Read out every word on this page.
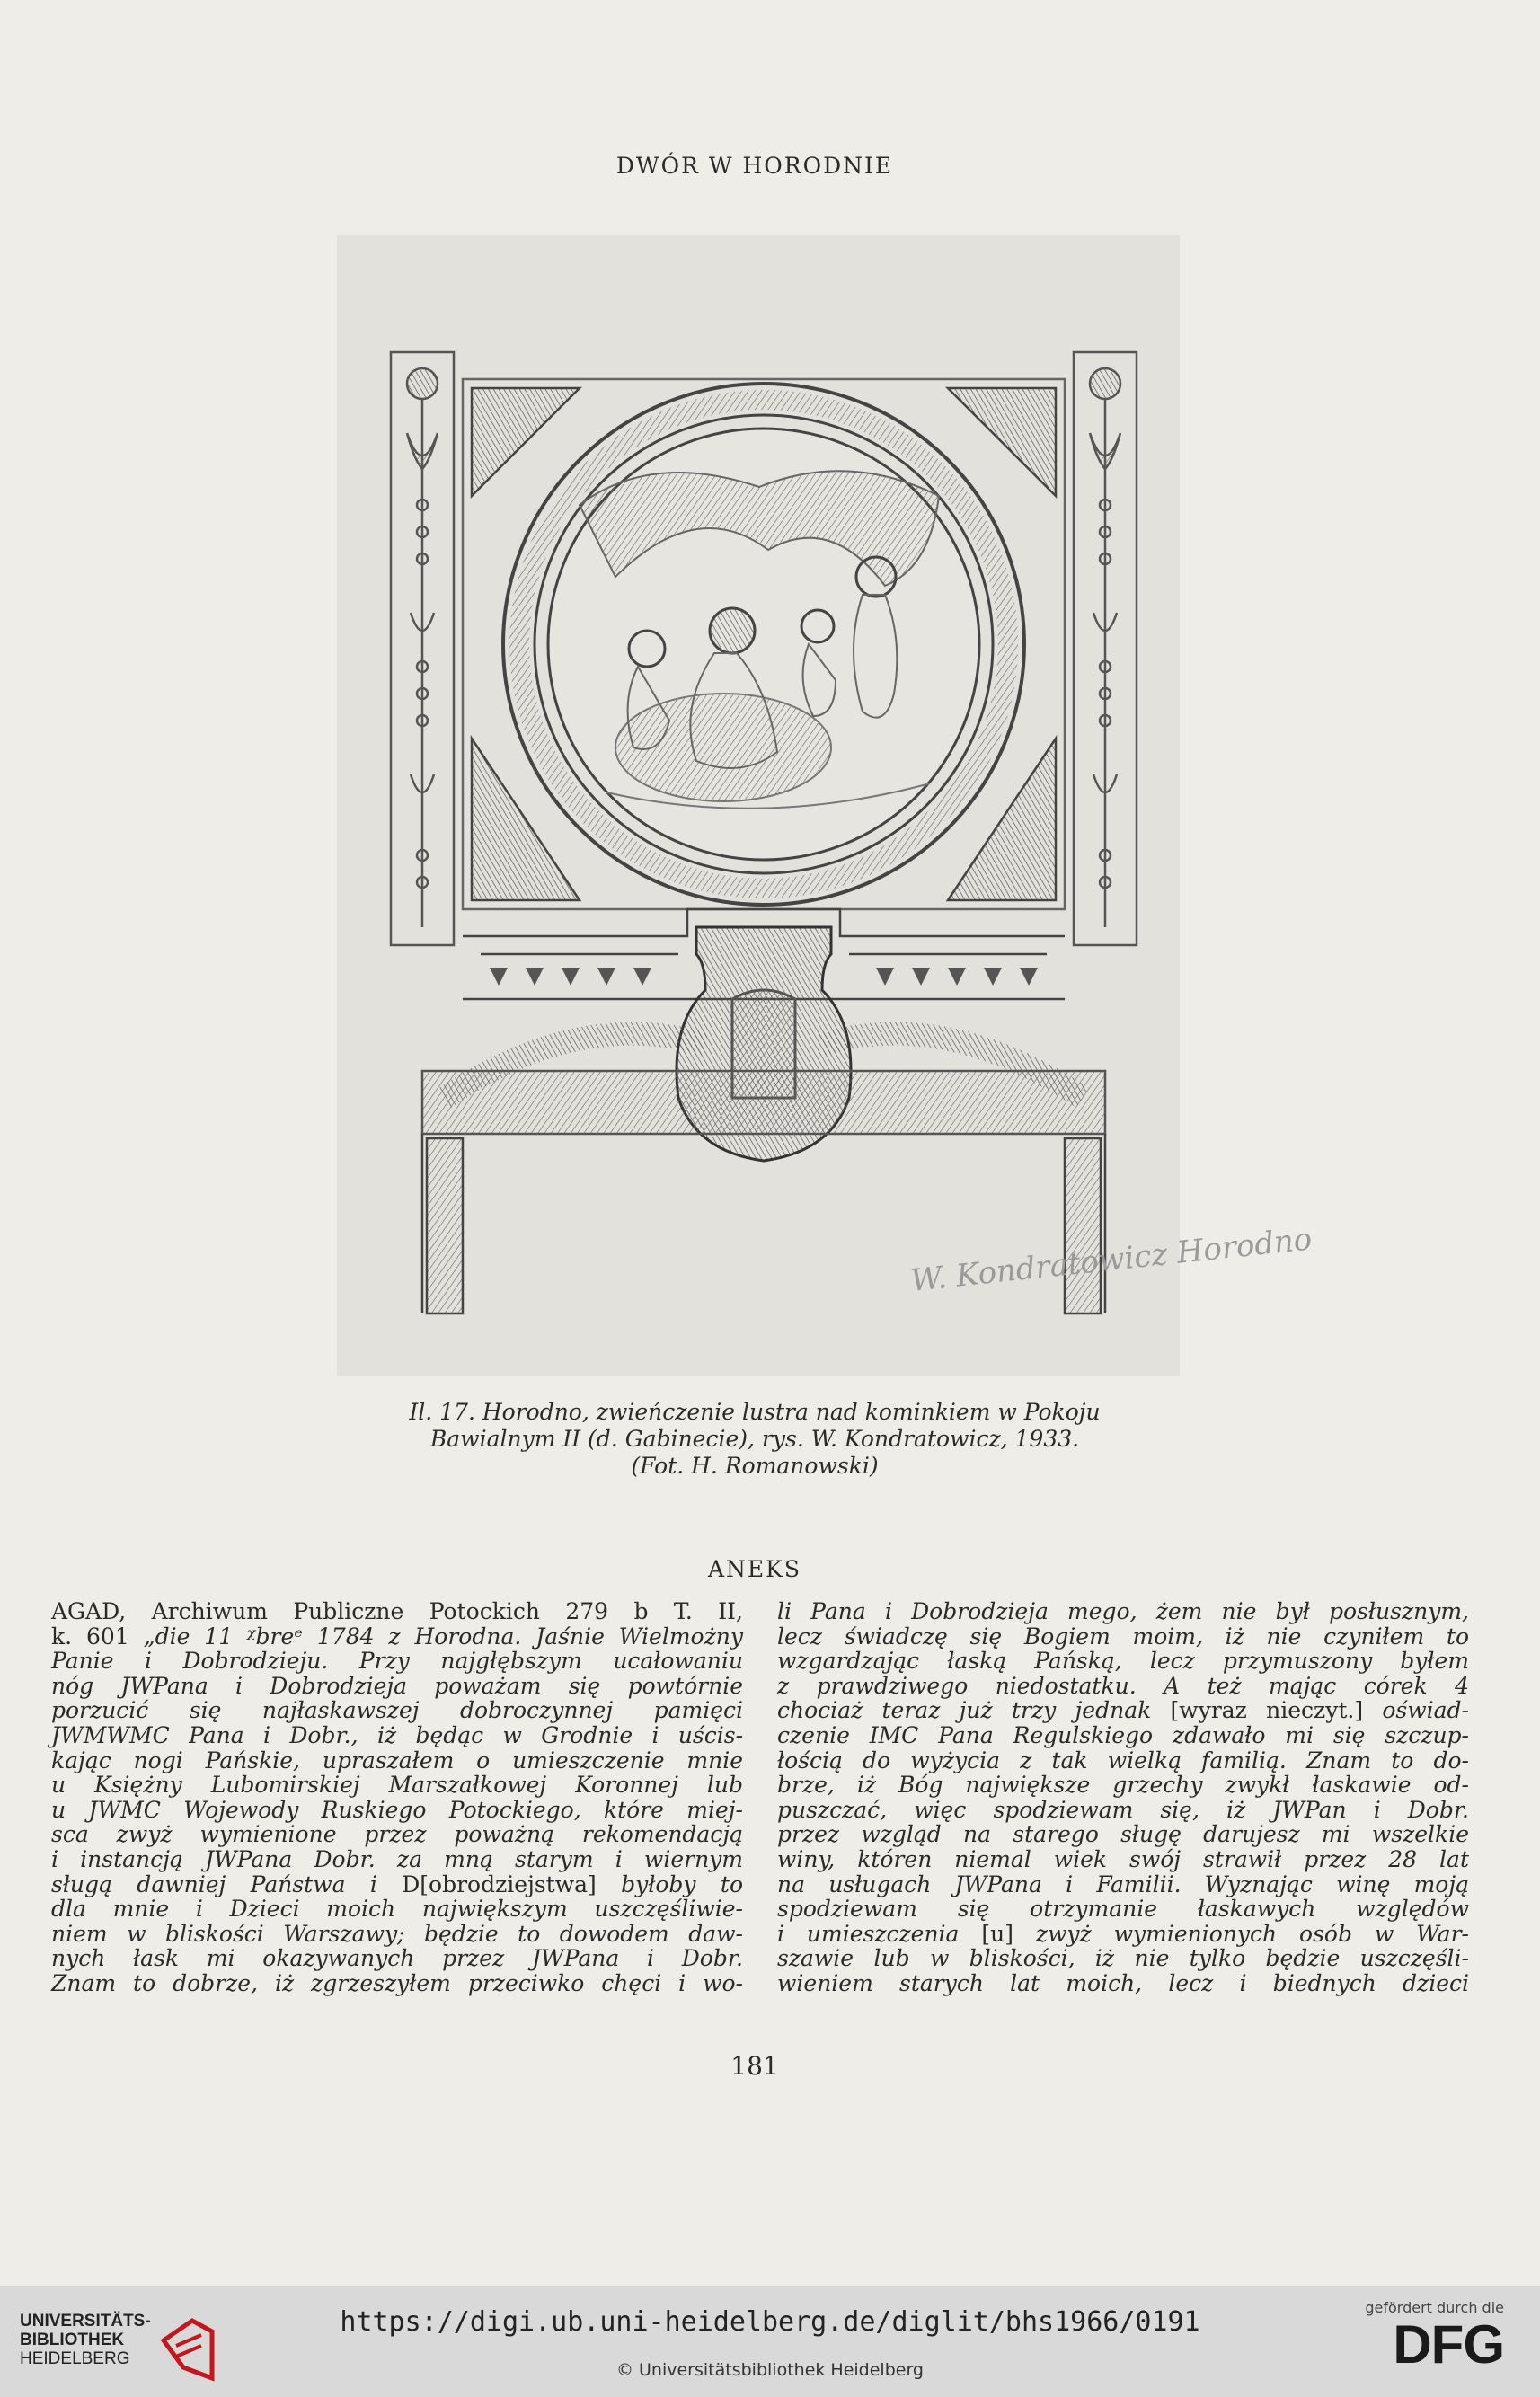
DWÓR W HORODNIE
W. Kondratowicz Horodno
Il. 17. Horodno, zwieńczenie lustra nad kominkiem w Pokoju
Bawialnym II (d. Gabinecie), rys. W. Kondratowicz, 1933.
(Fot. H. Romanowski)
ANEKS
AGAD, Archiwum Publiczne Potockich 279 b T. II,
k. 601 „die 11 ᵡbreᵉ 1784 z Horodna. Jaśnie Wielmożny
Panie i Dobrodzieju. Przy najgłębszym ucałowaniu
nóg JWPana i Dobrodzieja poważam się powtórnie
porzucić się najłaskawszej dobroczynnej pamięci
JWMWMC Pana i Dobr., iż będąc w Grodnie i uścis-
kając nogi Pańskie, upraszałem o umieszczenie mnie
u Księżny Lubomirskiej Marszałkowej Koronnej lub
u JWMC Wojewody Ruskiego Potockiego, które miej-
sca zwyż wymienione przez poważną rekomendacją
i instancją JWPana Dobr. za mną starym i wiernym
sługą dawniej Państwa i D[obrodziejstwa] byłoby to
dla mnie i Dzieci moich największym uszczęśliwie-
niem w bliskości Warszawy; będzie to dowodem daw-
nych łask mi okazywanych przez JWPana i Dobr.
Znam to dobrze, iż zgrzeszyłem przeciwko chęci i wo-
li Pana i Dobrodzieja mego, żem nie był posłusznym,
lecz świadczę się Bogiem moim, iż nie czyniłem to
wzgardzając łaską Pańską, lecz przymuszony byłem
z prawdziwego niedostatku. A też mając córek 4
chociaż teraz już trzy jednak [wyraz nieczyt.] oświad-
czenie IMC Pana Regulskiego zdawało mi się szczup-
łością do wyżycia z tak wielką familią. Znam to do-
brze, iż Bóg największe grzechy zwykł łaskawie od-
puszczać, więc spodziewam się, iż JWPan i Dobr.
przez wzgląd na starego sługę darujesz mi wszelkie
winy, któren niemal wiek swój strawił przez 28 lat
na usługach JWPana i Familii. Wyznając winę moją
spodziewam się otrzymanie łaskawych względów
i umieszczenia [u] zwyż wymienionych osób w War-
szawie lub w bliskości, iż nie tylko będzie uszczęśli-
wieniem starych lat moich, lecz i biednych dzieci
181
UNIVERSITÄTS-
BIBLIOTHEK
HEIDELBERG
https://digi.ub.uni-heidelberg.de/diglit/bhs1966/0191
© Universitätsbibliothek Heidelberg
gefördert durch die
DFG
